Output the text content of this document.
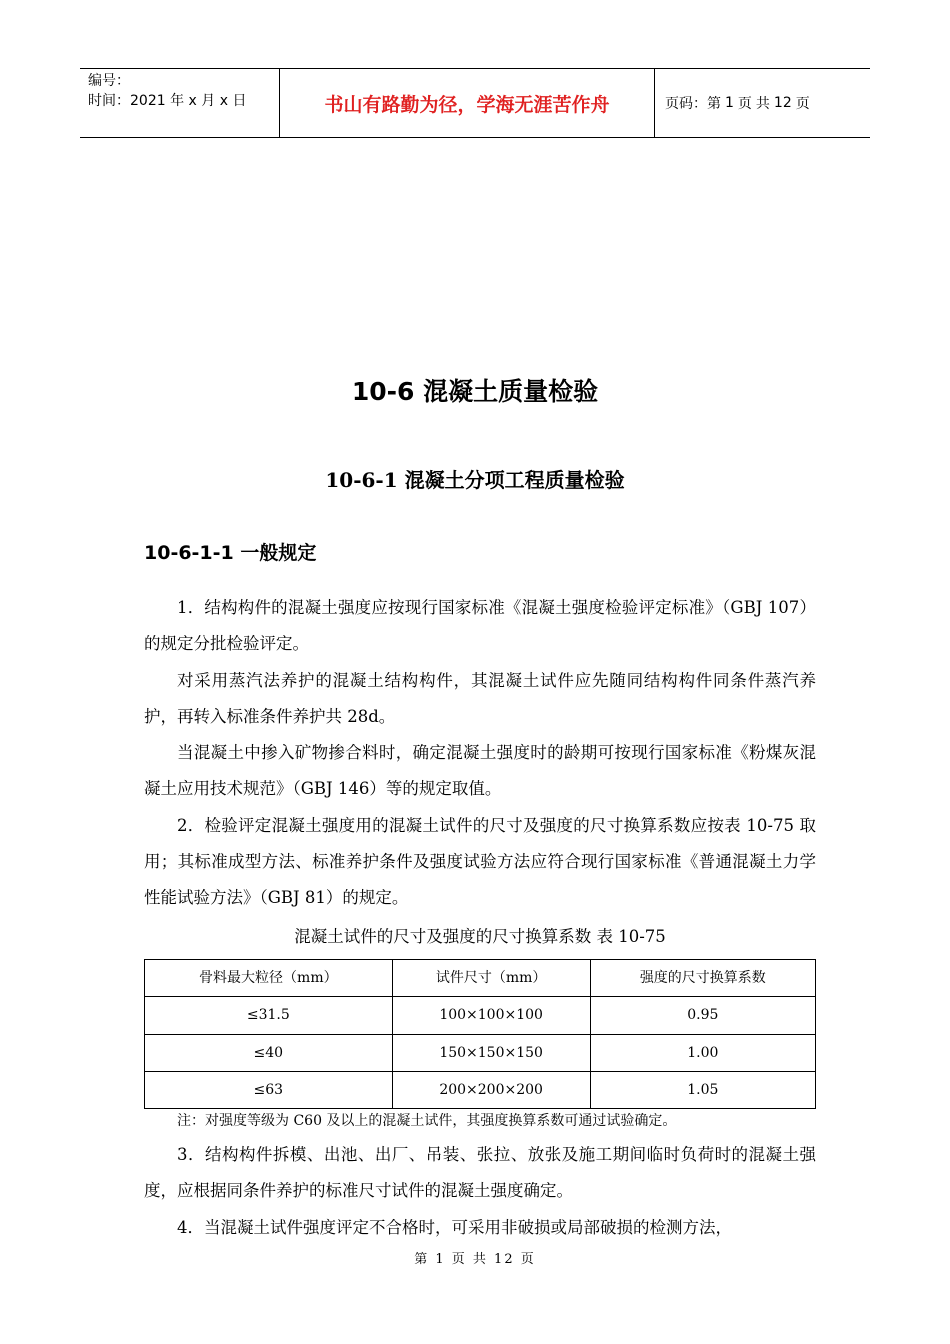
编号：
时间：2021 年 x 月 x 日	书山有路勤为径，学海无涯苦作舟	页码：第 1 页 共 12 页
10-6 混凝土质量检验
10-6-1 混凝土分项工程质量检验
10-6-1-1 一般规定

1．结构构件的混凝土强度应按现行国家标准《混凝土强度检验评定标准》（GBJ 107）的规定分批检验评定。

对采用蒸汽法养护的混凝土结构构件，其混凝土试件应先随同结构构件同条件蒸汽养护，再转入标准条件养护共 28d。

当混凝土中掺入矿物掺合料时，确定混凝土强度时的龄期可按现行国家标准《粉煤灰混凝土应用技术规范》（GBJ 146）等的规定取值。

2．检验评定混凝土强度用的混凝土试件的尺寸及强度的尺寸换算系数应按表 10-75 取用；其标准成型方法、标准养护条件及强度试验方法应符合现行国家标准《普通混凝土力学性能试验方法》（GBJ 81）的规定。

混凝土试件的尺寸及强度的尺寸换算系数 表 10-75
骨料最大粒径（mm）	试件尺寸（mm）	强度的尺寸换算系数
≤31.5	100×100×100	0.95
≤40	150×150×150	1.00
≤63	200×200×200	1.05
注：对强度等级为 C60 及以上的混凝土试件，其强度换算系数可通过试验确定。

3．结构构件拆模、出池、出厂、吊装、张拉、放张及施工期间临时负荷时的混凝土强度，应根据同条件养护的标准尺寸试件的混凝土强度确定。

4．当混凝土试件强度评定不合格时，可采用非破损或局部破损的检测方法，

第 1 页 共 12 页
